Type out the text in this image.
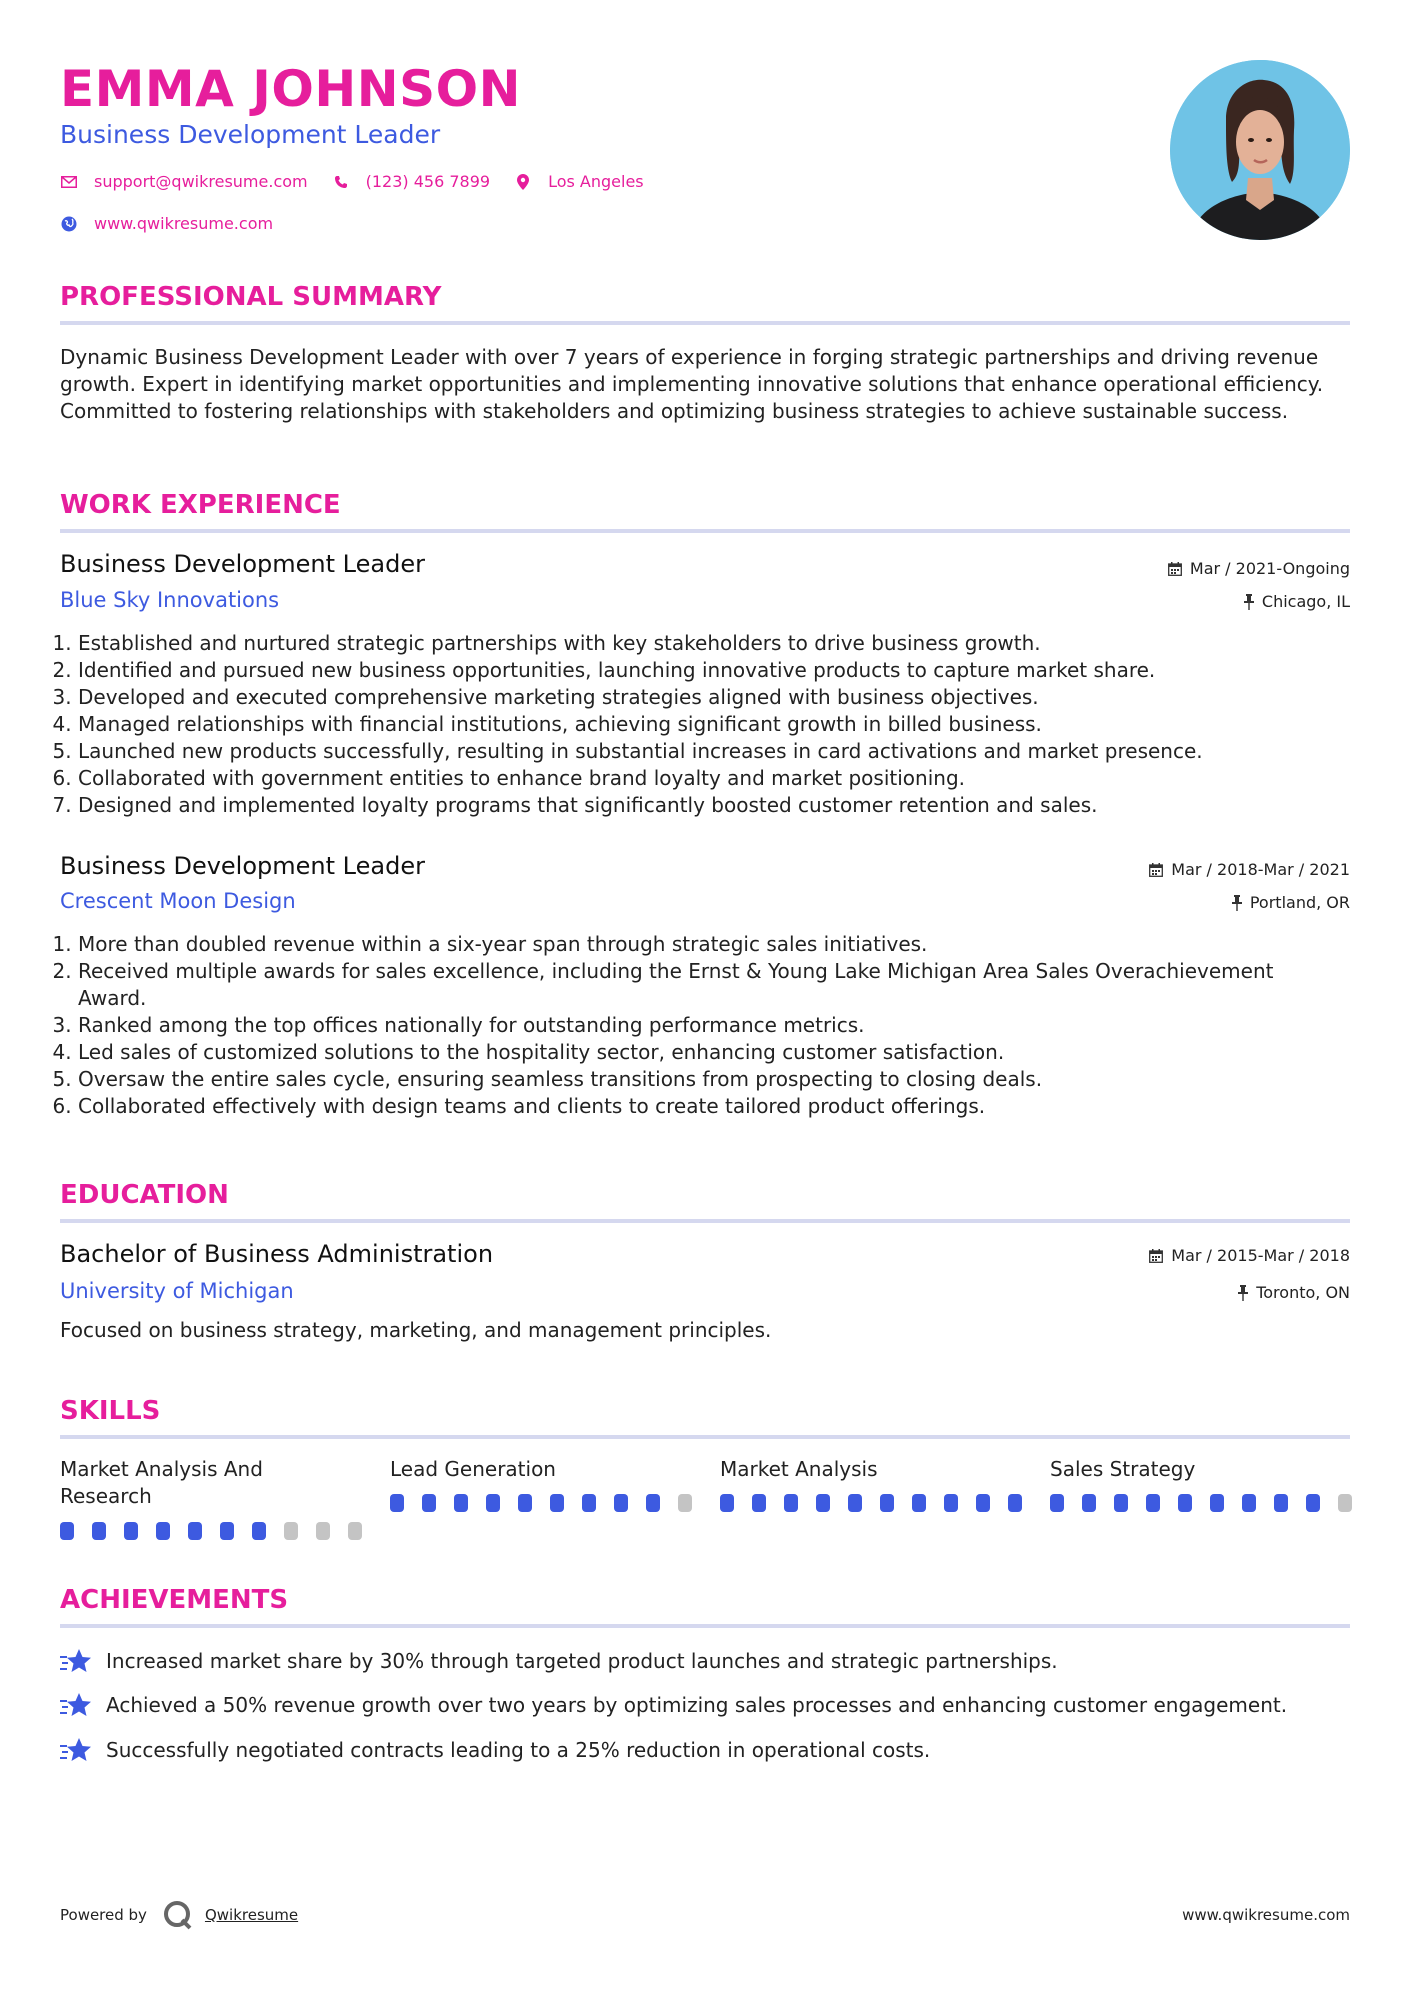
EMMA JOHNSON
Business Development Leader
support@qwikresume.com	(123) 456 7899	Los Angeles
www.qwikresume.com
PROFESSIONAL SUMMARY
Dynamic Business Development Leader with over 7 years of experience in forging strategic partnerships and driving revenue growth. Expert in identifying market opportunities and implementing innovative solutions that enhance operational efficiency. Committed to fostering relationships with stakeholders and optimizing business strategies to achieve sustainable success.
WORK EXPERIENCE
Business Development Leader	Mar / 2021-Ongoing
Blue Sky Innovations	Chicago, IL
1. Established and nurtured strategic partnerships with key stakeholders to drive business growth.
2. Identified and pursued new business opportunities, launching innovative products to capture market share.
3. Developed and executed comprehensive marketing strategies aligned with business objectives.
4. Managed relationships with financial institutions, achieving significant growth in billed business.
5. Launched new products successfully, resulting in substantial increases in card activations and market presence.
6. Collaborated with government entities to enhance brand loyalty and market positioning.
7. Designed and implemented loyalty programs that significantly boosted customer retention and sales.
Business Development Leader	Mar / 2018-Mar / 2021
Crescent Moon Design	Portland, OR
1. More than doubled revenue within a six-year span through strategic sales initiatives.
2. Received multiple awards for sales excellence, including the Ernst & Young Lake Michigan Area Sales Overachievement Award.
3. Ranked among the top offices nationally for outstanding performance metrics.
4. Led sales of customized solutions to the hospitality sector, enhancing customer satisfaction.
5. Oversaw the entire sales cycle, ensuring seamless transitions from prospecting to closing deals.
6. Collaborated effectively with design teams and clients to create tailored product offerings.
EDUCATION
Bachelor of Business Administration	Mar / 2015-Mar / 2018
University of Michigan	Toronto, ON
Focused on business strategy, marketing, and management principles.
SKILLS
Market Analysis And Research
Lead Generation	Market Analysis	Sales Strategy
ACHIEVEMENTS
Increased market share by 30% through targeted product launches and strategic partnerships.
Achieved a 50% revenue growth over two years by optimizing sales processes and enhancing customer engagement.
Successfully negotiated contracts leading to a 25% reduction in operational costs.
Powered by	Qwikresume	www.qwikresume.com
